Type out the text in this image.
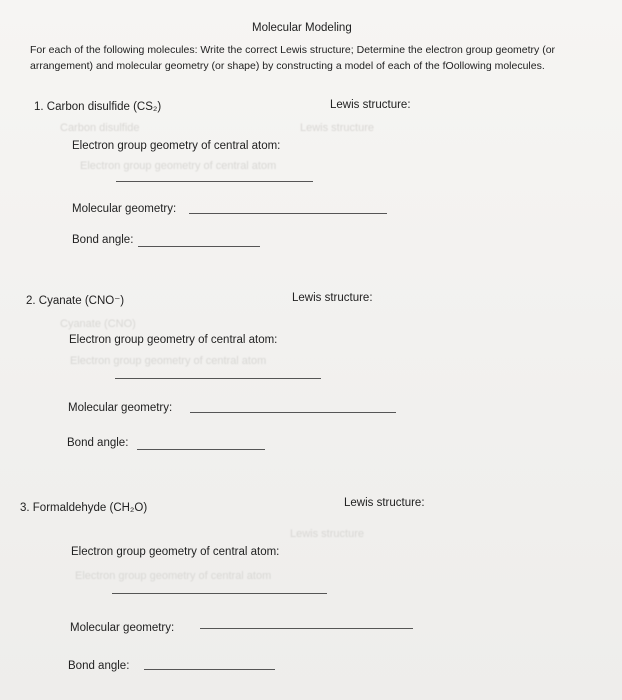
Molecular Modeling
For each of the following molecules: Write the correct Lewis structure; Determine the electron group geometry (or arrangement) and molecular geometry (or shape) by constructing a model of each of the fOollowing molecules.
Carbon disulfide
Electron group geometry of central atom
Lewis structure
Cyanate (CNO)
Electron group geometry of central atom
Lewis structure
Electron group geometry of central atom
1. Carbon disulfide (CS₂)	Lewis structure:
Electron group geometry of central atom:
Molecular geometry:
Bond angle:
2. Cyanate (CNO⁻)	Lewis structure:
Electron group geometry of central atom:
Molecular geometry:
Bond angle:
3. Formaldehyde (CH₂O)	Lewis structure:
Electron group geometry of central atom:
Molecular geometry:
Bond angle:
